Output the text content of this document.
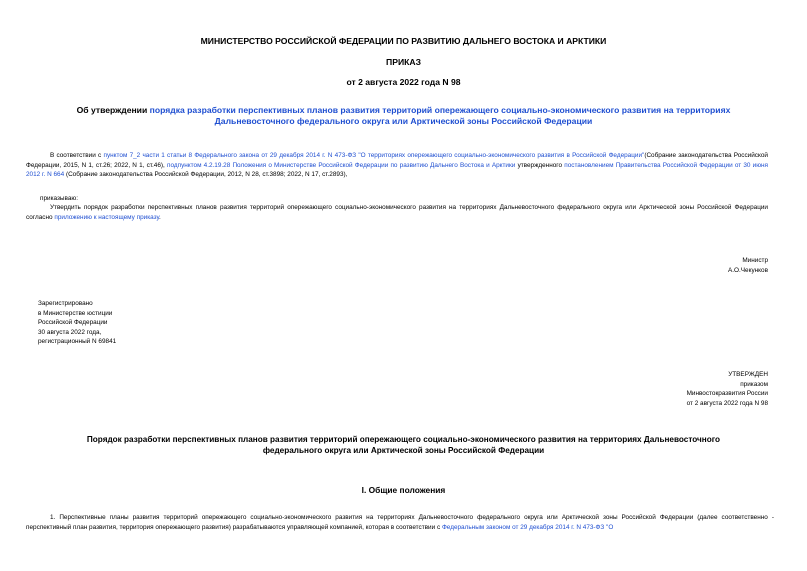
МИНИСТЕРСТВО РОССИЙСКОЙ ФЕДЕРАЦИИ ПО РАЗВИТИЮ ДАЛЬНЕГО ВОСТОКА И АРКТИКИ

ПРИКАЗ

от 2 августа 2022 года N 98

Об утверждении порядка разработки перспективных планов развития территорий опережающего социально-экономического развития на территориях
Дальневосточного федерального округа или Арктической зоны Российской Федерации
В соответствии с пунктом 7_2 части 1 статьи 8 Федерального закона от 29 декабря 2014 г. N 473-ФЗ "О территориях опережающего социально-экономического развития в Российской Федерации"(Собрание законодательства Российской Федерации, 2015, N 1, ст.26; 2022, N 1, ст.46), подпунктом 4.2.19.28 Положения о Министерстве Российской Федерации по развитию Дальнего Востока и Арктики утвержденного постановлением Правительства Российской Федерации от 30 июня 2012 г. N 664 (Собрание законодательства Российской Федерации, 2012, N 28, ст.3898; 2022, N 17, ст.2893),

приказываю:

Утвердить порядок разработки перспективных планов развития территорий опережающего социально-экономического развития на территориях Дальневосточного федерального округа или Арктической зоны Российской Федерации согласно приложению к настоящему приказу.
Министр
А.О.Чекунков
Зарегистрировано
в Министерстве юстиции
Российской Федерации
30 августа 2022 года,
регистрационный N 69841
УТВЕРЖДЕН
приказом
Минвостокразвития России
от 2 августа 2022 года N 98
Порядок разработки перспективных планов развития территорий опережающего социально-экономического развития на территориях Дальневосточного
федерального округа или Арктической зоны Российской Федерации

I. Общие положения

1. Перспективные планы развития территорий опережающего социально-экономического развития на территориях Дальневосточного федерального округа или Арктической зоны Российской Федерации (далее соответственно - перспективный план развития, территория опережающего развития) разрабатываются управляющей компанией, которая в соответствии с Федеральным законом от 29 декабря 2014 г. N 473-ФЗ "О
